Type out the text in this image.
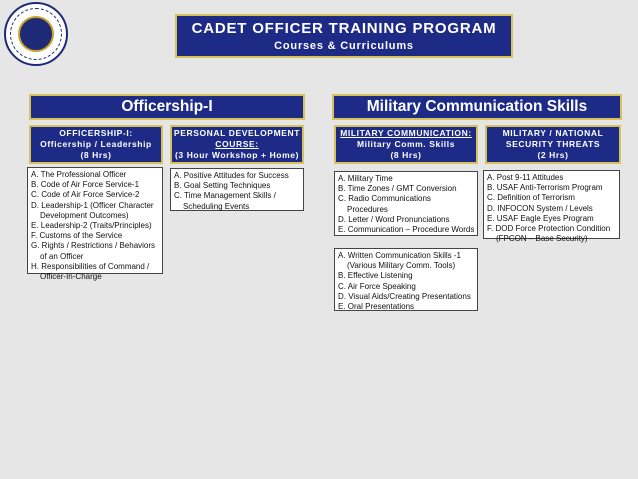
CADET OFFICER TRAINING PROGRAM
Courses & Curriculums
Officership-I	Military Communication Skills
OFFICERSHIP-I:
Officership / Leadership
(8 Hrs)
PERSONAL DEVELOPMENT
COURSE:
(3 Hour Workshop + Home)
MILITARY COMMUNICATION:
Military Comm. Skills
(8 Hrs)
MILITARY / NATIONAL
SECURITY THREATS
(2 Hrs)
A. The Professional Officer
B. Code of Air Force Service-1
C. Code of Air Force Service-2
D. Leadership-1 (Officer Character
Development Outcomes)
E. Leadership-2 (Traits/Principles)
F. Customs of the Service
G. Rights / Restrictions / Behaviors
of an Officer
H. Responsibilities of Command /
Officer-In-Charge
A. Positive Attitudes for Success
B. Goal Setting Techniques
C. Time Management Skills /
Scheduling Events
A. Military Time
B. Time Zones / GMT Conversion
C. Radio Communications
Procedures
D. Letter / Word Pronunciations
E. Communication – Procedure Words
A. Written Communication Skills -1
(Various Military Comm. Tools)
B. Effective Listening
C. Air Force Speaking
D. Visual Aids/Creating Presentations
E. Oral Presentations
A. Post 9-11 Attitudes
B. USAF Anti-Terrorism Program
C. Definition of Terrorism
D. INFOCON System / Levels
E. USAF Eagle Eyes Program
F. DOD Force Protection Condition
(FPCON – Base Security)
